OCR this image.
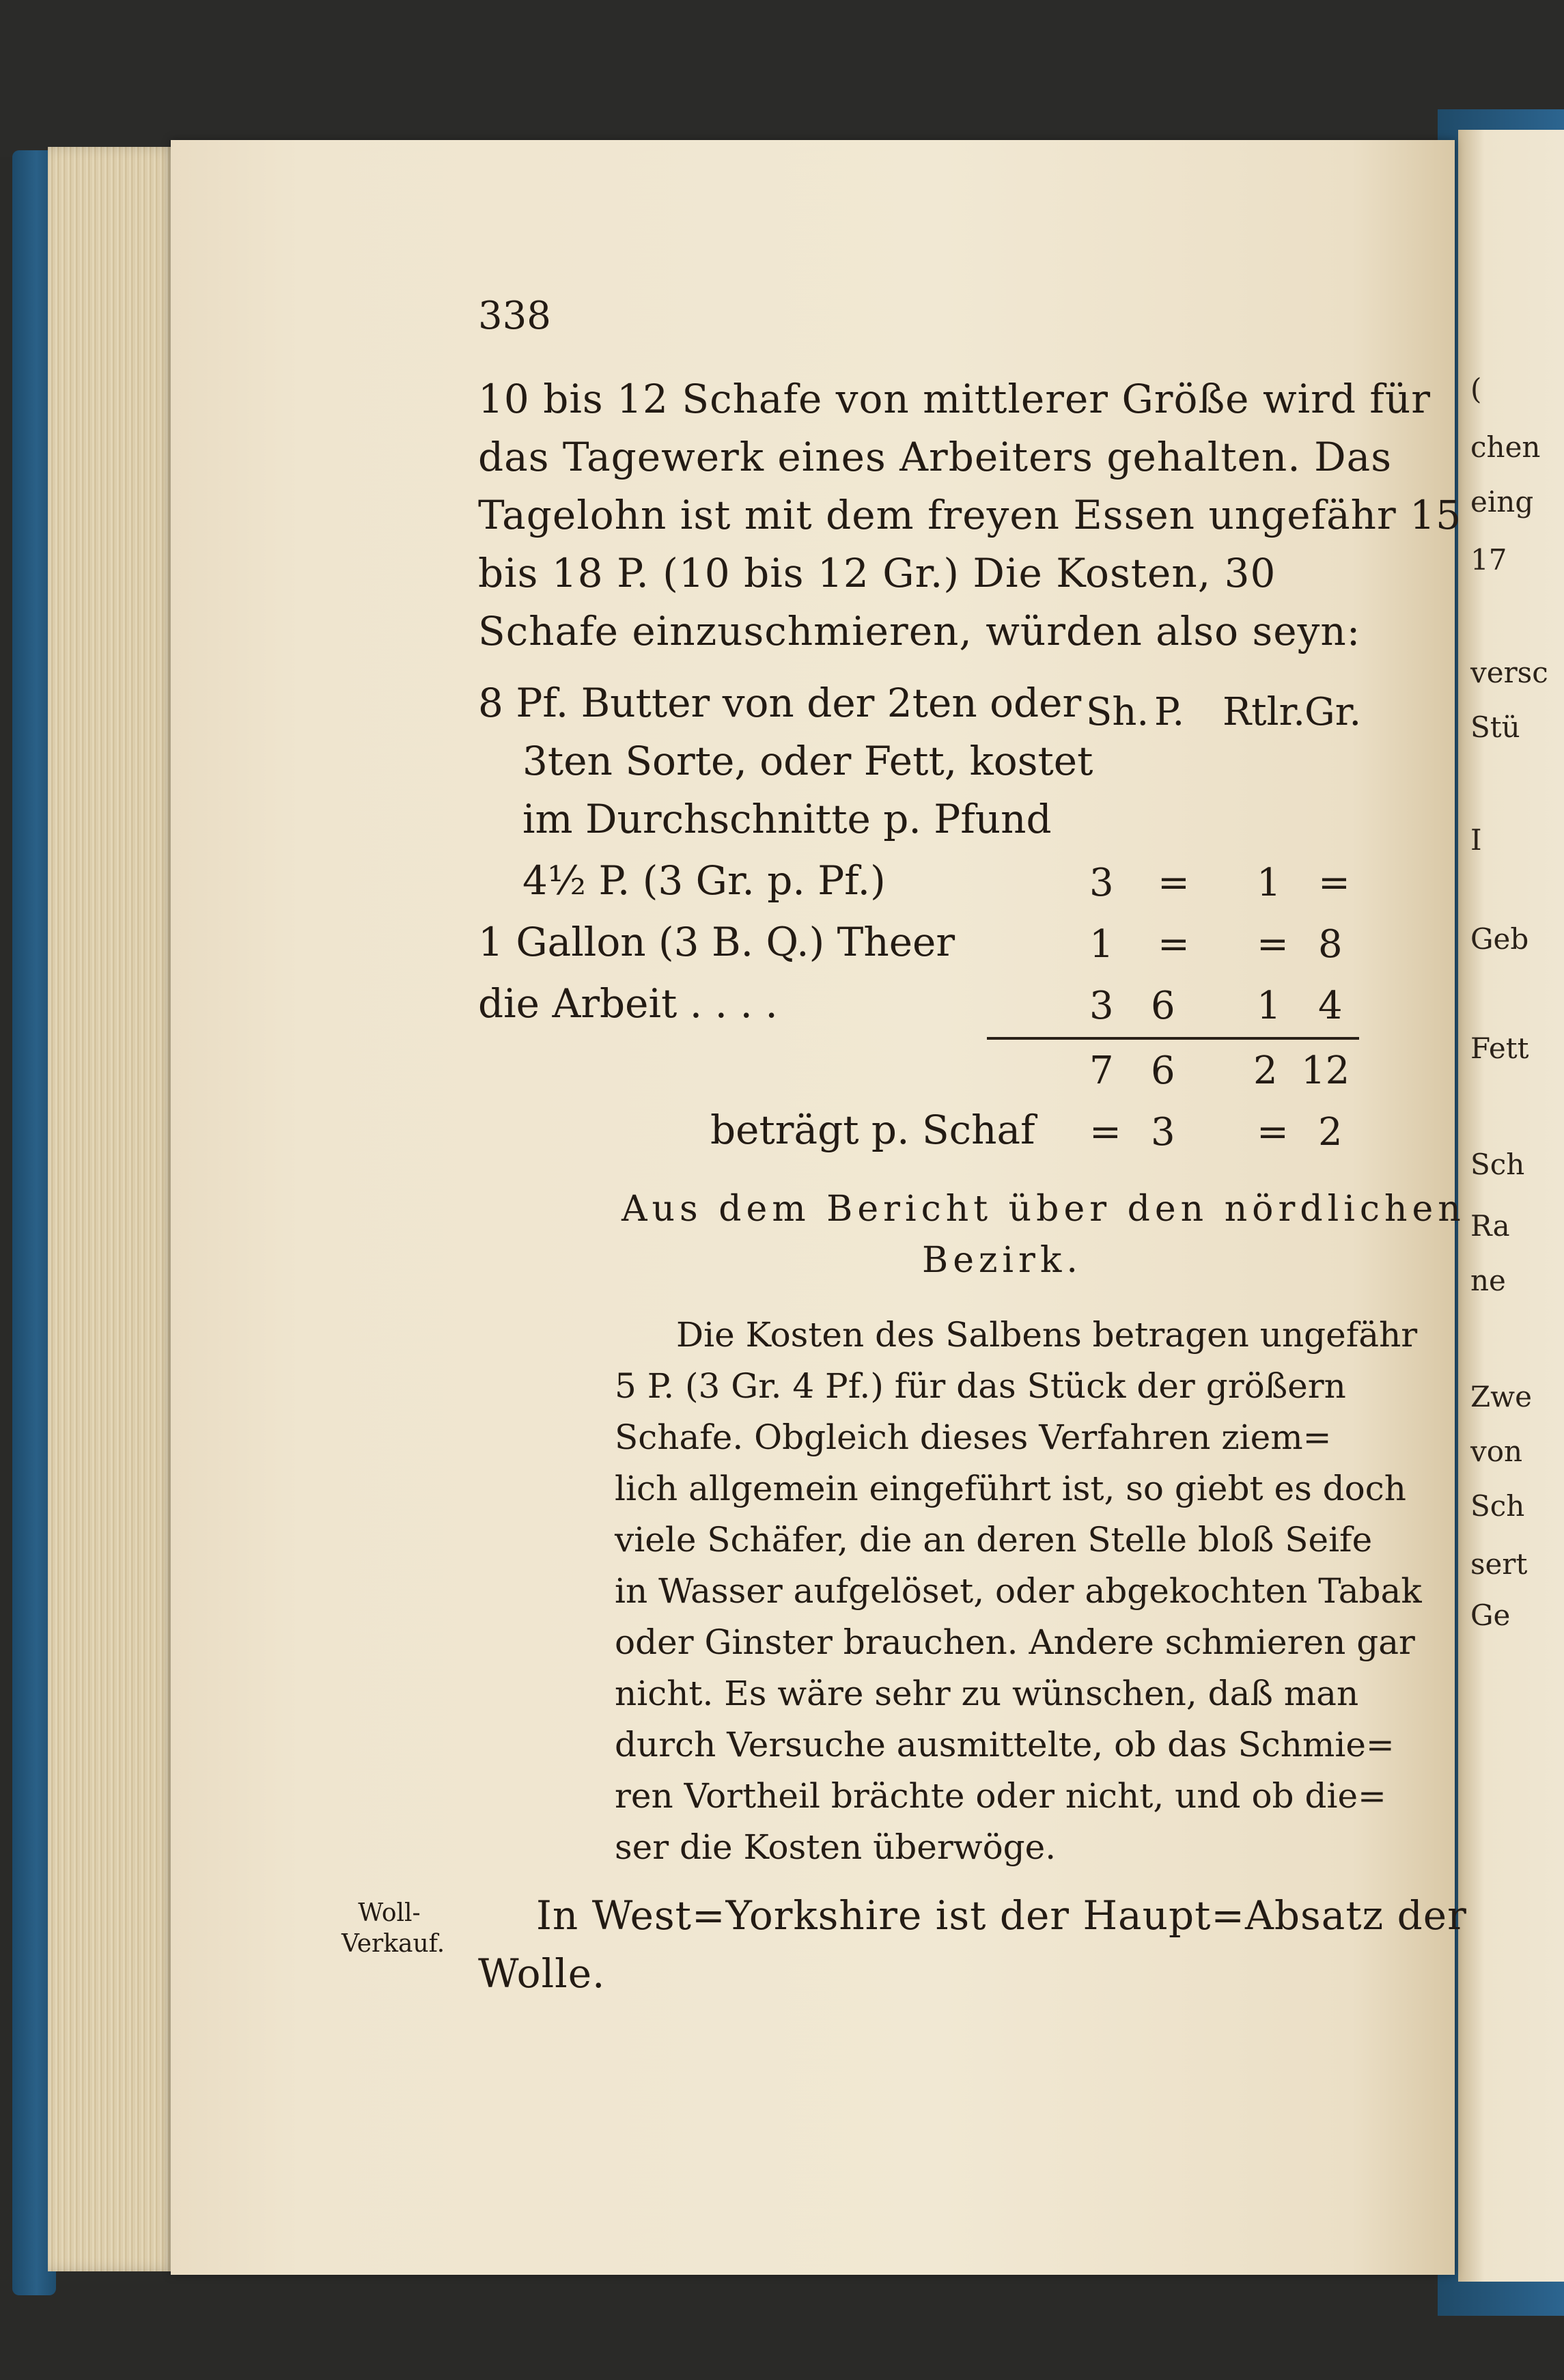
(
chen
eing
17
versc
Stü
I
Geb
Fett
Sch
Ra
ne
Zwe
von
Sch
sert
Ge
338
10 bis 12 Schafe von mittlerer Größe wird für
das Tagewerk eines Arbeiters gehalten. Das
Tagelohn ist mit dem freyen Essen ungefähr 15
bis 18 P. (10 bis 12 Gr.) Die Kosten, 30
Schafe einzuschmieren, würden also seyn:
Sh. P. Rtlr. Gr.
8 Pf. Butter von der 2ten oder
3ten Sorte, oder Fett, kostet
im Durchschnitte p. Pfund
4½ P. (3 Gr. p. Pf.)	3 = 1 =
1 Gallon (3 B. Q.) Theer	1 = = 8
die Arbeit . . . .	3 6 1 4
7 6 2 12
beträgt p. Schaf = 3 = 2
Aus dem Bericht über den nördlichen
Bezirk.
Die Kosten des Salbens betragen ungefähr
5 P. (3 Gr. 4 Pf.) für das Stück der größern
Schafe. Obgleich dieses Verfahren ziem=
lich allgemein eingeführt ist, so giebt es doch
viele Schäfer, die an deren Stelle bloß Seife
in Wasser aufgelöset, oder abgekochten Tabak
oder Ginster brauchen. Andere schmieren gar
nicht. Es wäre sehr zu wünschen, daß man
durch Versuche ausmittelte, ob das Schmie=
ren Vortheil brächte oder nicht, und ob die=
ser die Kosten überwöge.
Woll-
Verkauf.
In West=Yorkshire ist der Haupt=Absatz der
Wolle.
